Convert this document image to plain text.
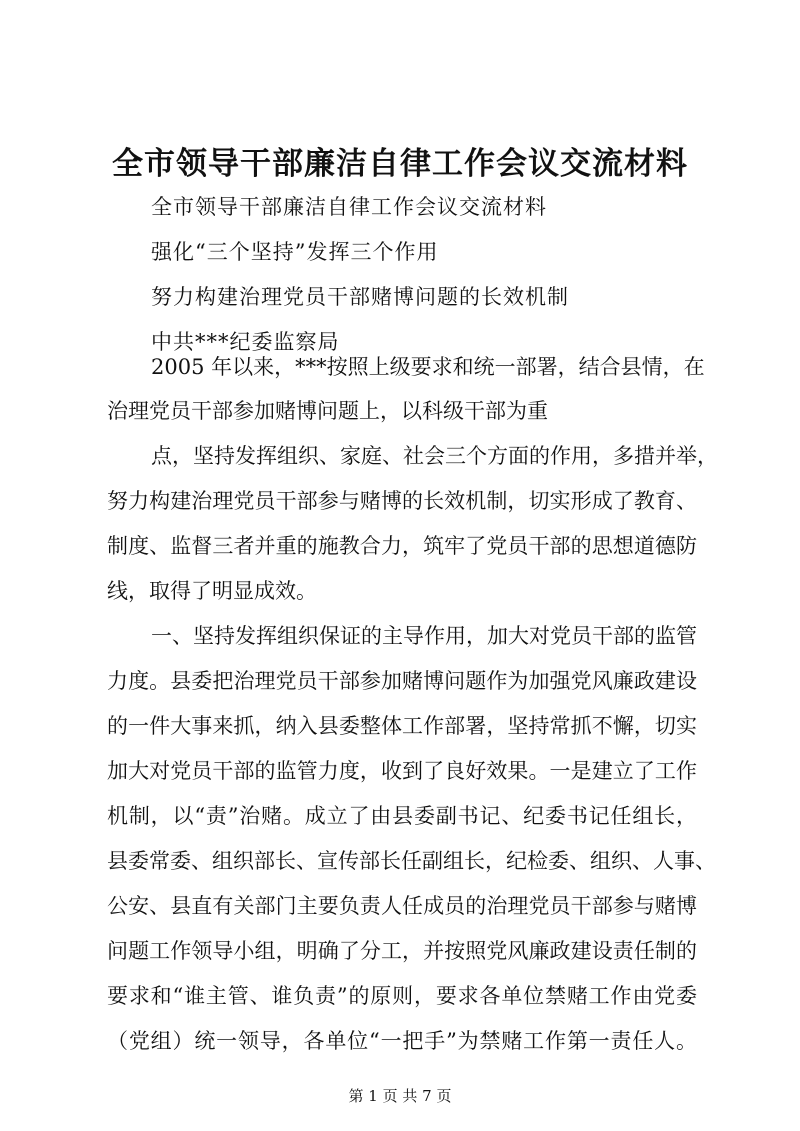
全市领导干部廉洁自律工作会议交流材料
全市领导干部廉洁自律工作会议交流材料
强化“三个坚持”发挥三个作用
努力构建治理党员干部赌博问题的长效机制
中共***纪委监察局
2005 年以来，***按照上级要求和统一部署，结合县情，在
治理党员干部参加赌博问题上，以科级干部为重
点，坚持发挥组织、家庭、社会三个方面的作用，多措并举，
努力构建治理党员干部参与赌博的长效机制，切实形成了教育、
制度、监督三者并重的施教合力，筑牢了党员干部的思想道德防
线，取得了明显成效。
一、坚持发挥组织保证的主导作用，加大对党员干部的监管
力度。县委把治理党员干部参加赌博问题作为加强党风廉政建设
的一件大事来抓，纳入县委整体工作部署，坚持常抓不懈，切实
加大对党员干部的监管力度，收到了良好效果。一是建立了工作
机制，以“责”治赌。成立了由县委副书记、纪委书记任组长，
县委常委、组织部长、宣传部长任副组长，纪检委、组织、人事、
公安、县直有关部门主要负责人任成员的治理党员干部参与赌博
问题工作领导小组，明确了分工，并按照党风廉政建设责任制的
要求和“谁主管、谁负责”的原则，要求各单位禁赌工作由党委
（党组）统一领导，各单位“一把手”为禁赌工作第一责任人。
第 1 页 共 7 页
